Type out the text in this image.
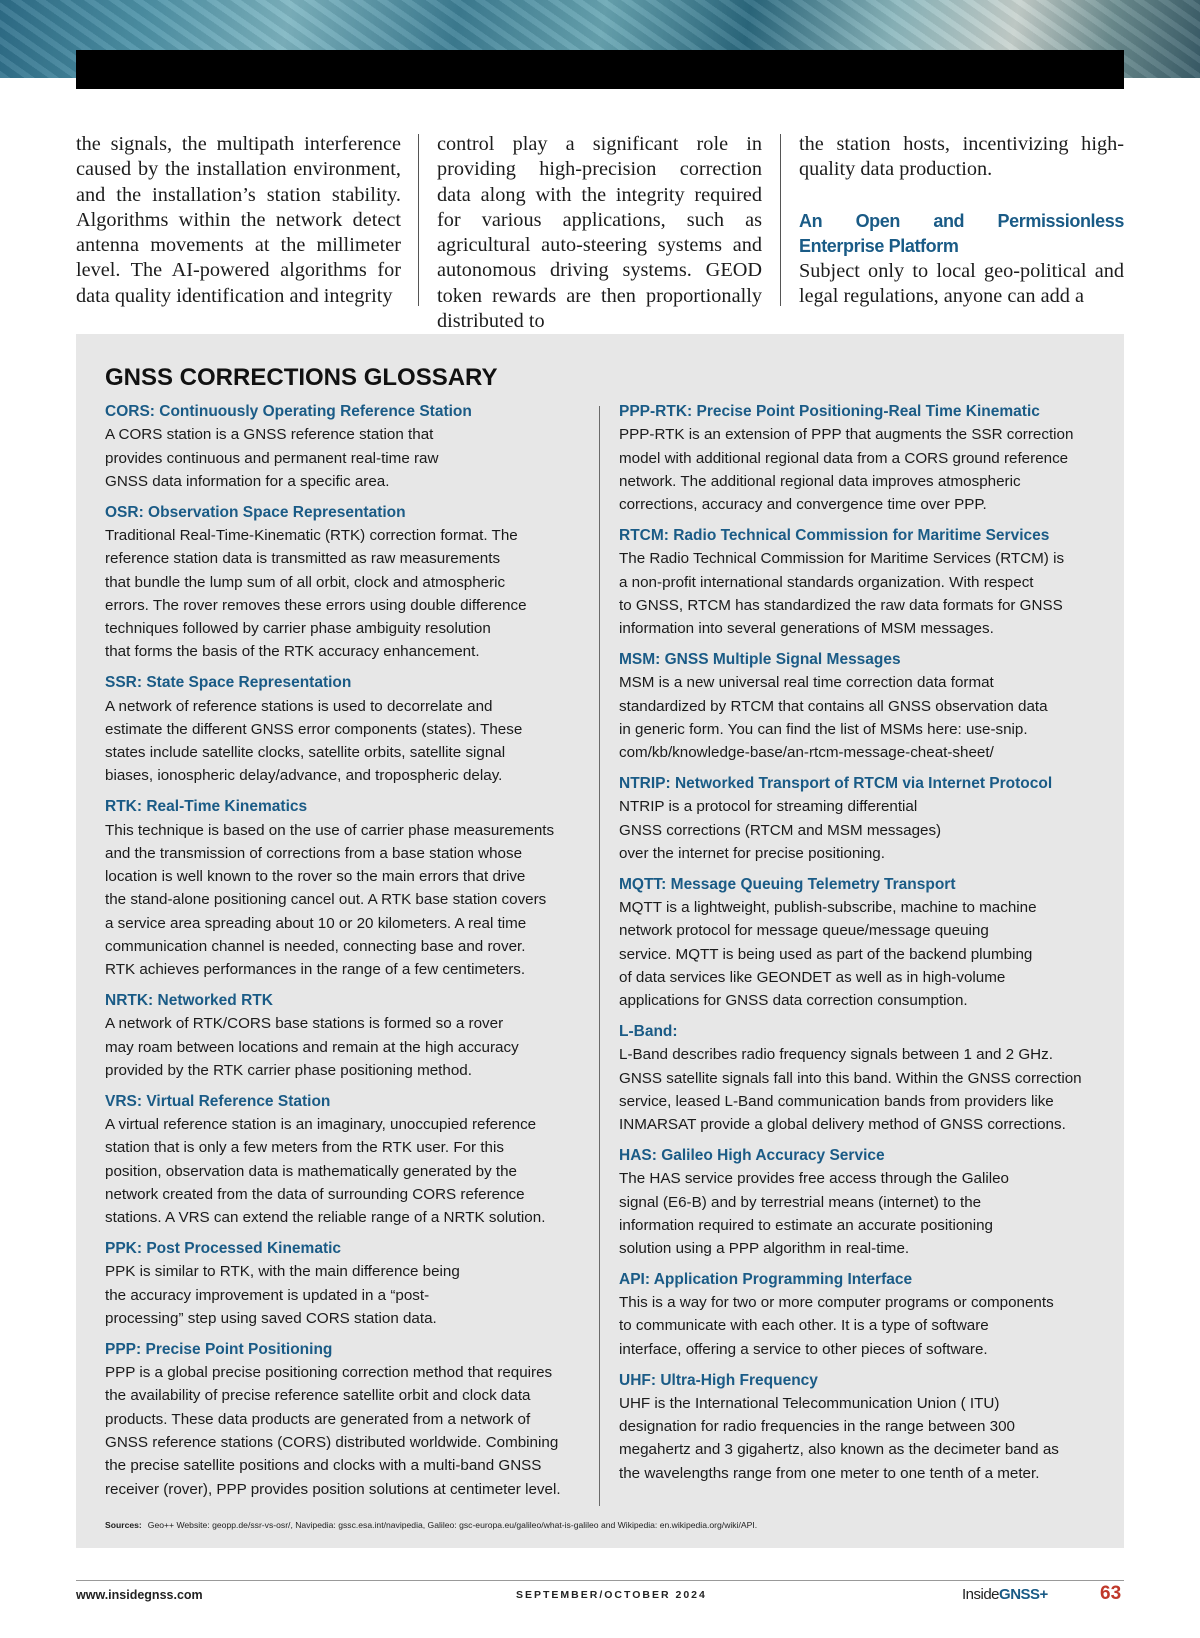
the signals, the multipath interference caused by the installation environment, and the installation’s station stability. Algorithms within the network detect antenna movements at the millimeter level. The AI-powered algorithms for data quality identification and integrity

control play a significant role in providing high-precision correction data along with the integrity required for various applications, such as agricultural auto-steering systems and autonomous driving systems. GEOD token rewards are then proportionally distributed to

the station hosts, incentivizing high-quality data production.

An Open and Permissionless Enterprise Platform

Subject only to local geo-political and legal regulations, anyone can add a

GNSS CORRECTIONS GLOSSARY
CORS: Continuously Operating Reference Station
A CORS station is a GNSS reference station that
provides continuous and permanent real-time raw
GNSS data information for a specific area.
OSR: Observation Space Representation
Traditional Real-Time-Kinematic (RTK) correction format. The
reference station data is transmitted as raw measurements
that bundle the lump sum of all orbit, clock and atmospheric
errors. The rover removes these errors using double difference
techniques followed by carrier phase ambiguity resolution
that forms the basis of the RTK accuracy enhancement.
SSR: State Space Representation
A network of reference stations is used to decorrelate and
estimate the different GNSS error components (states). These
states include satellite clocks, satellite orbits, satellite signal
biases, ionospheric delay/advance, and tropospheric delay.
RTK: Real-Time Kinematics
This technique is based on the use of carrier phase measurements
and the transmission of corrections from a base station whose
location is well known to the rover so the main errors that drive
the stand-alone positioning cancel out. A RTK base station covers
a service area spreading about 10 or 20 kilometers. A real time
communication channel is needed, connecting base and rover.
RTK achieves performances in the range of a few centimeters.
NRTK: Networked RTK
A network of RTK/CORS base stations is formed so a rover
may roam between locations and remain at the high accuracy
provided by the RTK carrier phase positioning method.
VRS: Virtual Reference Station
A virtual reference station is an imaginary, unoccupied reference
station that is only a few meters from the RTK user. For this
position, observation data is mathematically generated by the
network created from the data of surrounding CORS reference
stations. A VRS can extend the reliable range of a NRTK solution.
PPK: Post Processed Kinematic
PPK is similar to RTK, with the main difference being
the accuracy improvement is updated in a “post-
processing” step using saved CORS station data.
PPP: Precise Point Positioning
PPP is a global precise positioning correction method that requires
the availability of precise reference satellite orbit and clock data
products. These data products are generated from a network of
GNSS reference stations (CORS) distributed worldwide. Combining
the precise satellite positions and clocks with a multi-band GNSS
receiver (rover), PPP provides position solutions at centimeter level.
PPP-RTK: Precise Point Positioning-Real Time Kinematic
PPP-RTK is an extension of PPP that augments the SSR correction
model with additional regional data from a CORS ground reference
network. The additional regional data improves atmospheric
corrections, accuracy and convergence time over PPP.
RTCM: Radio Technical Commission for Maritime Services
The Radio Technical Commission for Maritime Services (RTCM) is
a non-profit international standards organization. With respect
to GNSS, RTCM has standardized the raw data formats for GNSS
information into several generations of MSM messages.
MSM: GNSS Multiple Signal Messages
MSM is a new universal real time correction data format
standardized by RTCM that contains all GNSS observation data
in generic form. You can find the list of MSMs here: use-snip.
com/kb/knowledge-base/an-rtcm-message-cheat-sheet/
NTRIP: Networked Transport of RTCM via Internet Protocol
NTRIP is a protocol for streaming differential
GNSS corrections (RTCM and MSM messages)
over the internet for precise positioning.
MQTT: Message Queuing Telemetry Transport
MQTT is a lightweight, publish-subscribe, machine to machine
network protocol for message queue/message queuing
service. MQTT is being used as part of the backend plumbing
of data services like GEONDET as well as in high-volume
applications for GNSS data correction consumption.
L-Band:
L-Band describes radio frequency signals between 1 and 2 GHz.
GNSS satellite signals fall into this band. Within the GNSS correction
service, leased L-Band communication bands from providers like
INMARSAT provide a global delivery method of GNSS corrections.
HAS: Galileo High Accuracy Service
The HAS service provides free access through the Galileo
signal (E6-B) and by terrestrial means (internet) to the
information required to estimate an accurate positioning
solution using a PPP algorithm in real-time.
API: Application Programming Interface
This is a way for two or more computer programs or components
to communicate with each other. It is a type of software
interface, offering a service to other pieces of software.
UHF: Ultra-High Frequency
UHF is the International Telecommunication Union ( ITU)
designation for radio frequencies in the range between 300
megahertz and 3 gigahertz, also known as the decimeter band as
the wavelengths range from one meter to one tenth of a meter.
Sources: Geo++ Website: geopp.de/ssr-vs-osr/, Navipedia: gssc.esa.int/navipedia, Galileo: gsc-europa.eu/galileo/what-is-galileo and Wikipedia: en.wikipedia.org/wiki/API.
www.insidegnss.com	SEPTEMBER/OCTOBER 2024	InsideGNSS+	63
